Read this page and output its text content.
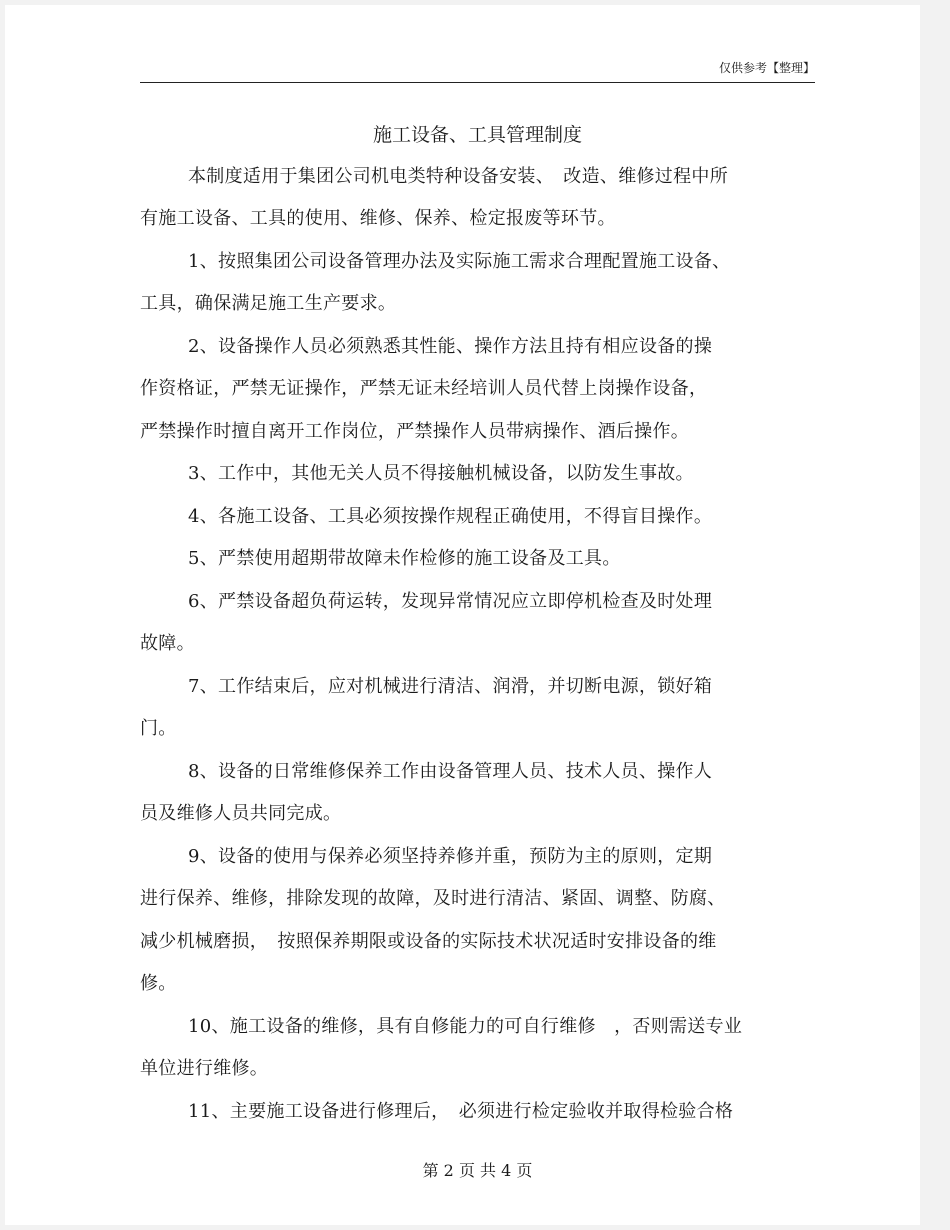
仅供参考【整理】
施工设备、工具管理制度
本制度适用于集团公司机电类特种设备安装、　改造、维修过程中所
有施工设备、工具的使用、维修、保养、检定报废等环节。
1、按照集团公司设备管理办法及实际施工需求合理配置施工设备、
工具，确保满足施工生产要求。
2、设备操作人员必须熟悉其性能、操作方法且持有相应设备的操
作资格证，严禁无证操作，严禁无证未经培训人员代替上岗操作设备，
严禁操作时擅自离开工作岗位，严禁操作人员带病操作、酒后操作。
3、工作中，其他无关人员不得接触机械设备，以防发生事故。
4、各施工设备、工具必须按操作规程正确使用，不得盲目操作。
5、严禁使用超期带故障未作检修的施工设备及工具。
6、严禁设备超负荷运转，发现异常情况应立即停机检查及时处理
故障。
7、工作结束后，应对机械进行清洁、润滑，并切断电源，锁好箱
门。
8、设备的日常维修保养工作由设备管理人员、技术人员、操作人
员及维修人员共同完成。
9、设备的使用与保养必须坚持养修并重，预防为主的原则，定期
进行保养、维修，排除发现的故障，及时进行清洁、紧固、调整、防腐、
减少机械磨损，　按照保养期限或设备的实际技术状况适时安排设备的维
修。
10、施工设备的维修，具有自修能力的可自行维修　，否则需送专业
单位进行维修。
11、主要施工设备进行修理后，　必须进行检定验收并取得检验合格
第 2 页 共 4 页
